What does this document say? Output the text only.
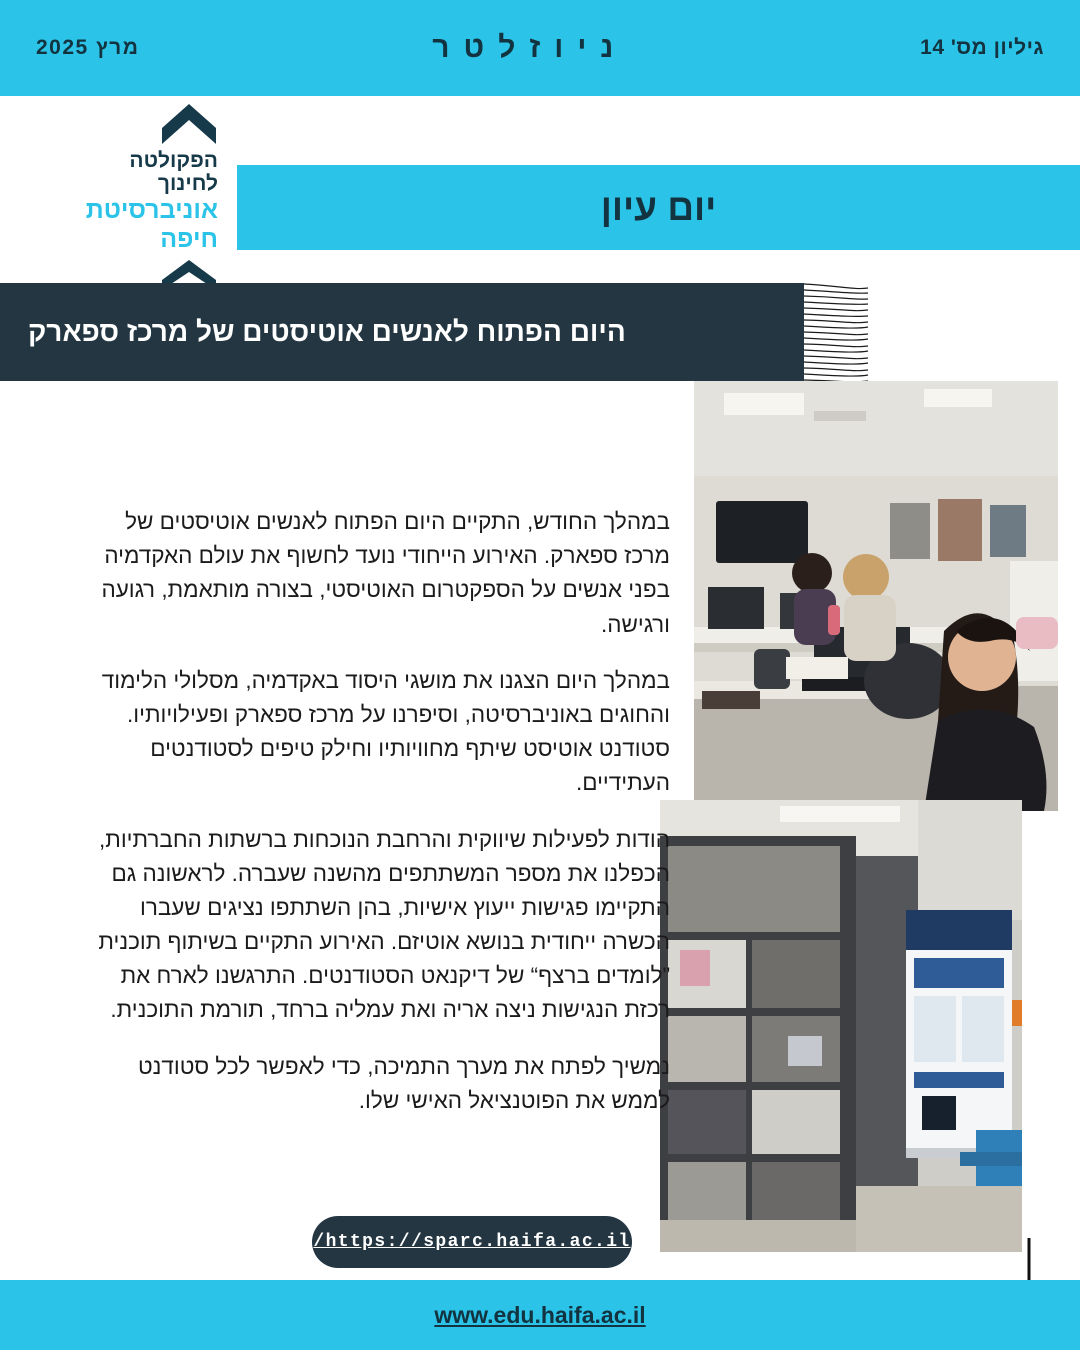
גיליון מס' 14
ניוזלטר
מרץ 2025
הפקולטה
לחינוך
אוניברסיטת
חיפה
יום עיון
היום הפתוח לאנשים אוטיסטים של מרכז ספארק

במהלך החודש, התקיים היום הפתוח לאנשים אוטיסטים של מרכז ספארק. האירוע הייחודי נועד לחשוף את עולם האקדמיה בפני אנשים על הספקטרום האוטיסטי, בצורה מותאמת, רגועה ורגישה.

במהלך היום הצגנו את מושגי היסוד באקדמיה, מסלולי הלימוד והחוגים באוניברסיטה, וסיפרנו על מרכז ספארק ופעילויותיו. סטודנט אוטיסט שיתף מחוויותיו וחילק טיפים לסטודנטים העתידיים.

הודות לפעילות שיווקית והרחבת הנוכחות ברשתות החברתיות, הכפלנו את מספר המשתתפים מהשנה שעברה. לראשונה גם התקיימו פגישות ייעוץ אישיות, בהן השתתפו נציגים שעברו הכשרה ייחודית בנושא אוטיזם. האירוע התקיים בשיתוף תוכנית ”לומדים ברצף“ של דיקנאט הסטודנטים. התרגשנו לארח את רכזת הנגישות ניצה אריה ואת עמליה ברחד, תורמת התוכנית.

נמשיך לפתח את מערך התמיכה, כדי לאפשר לכל סטודנט לממש את הפוטנציאל האישי שלו.

/https://sparc.haifa.ac.il
www.edu.haifa.ac.il
